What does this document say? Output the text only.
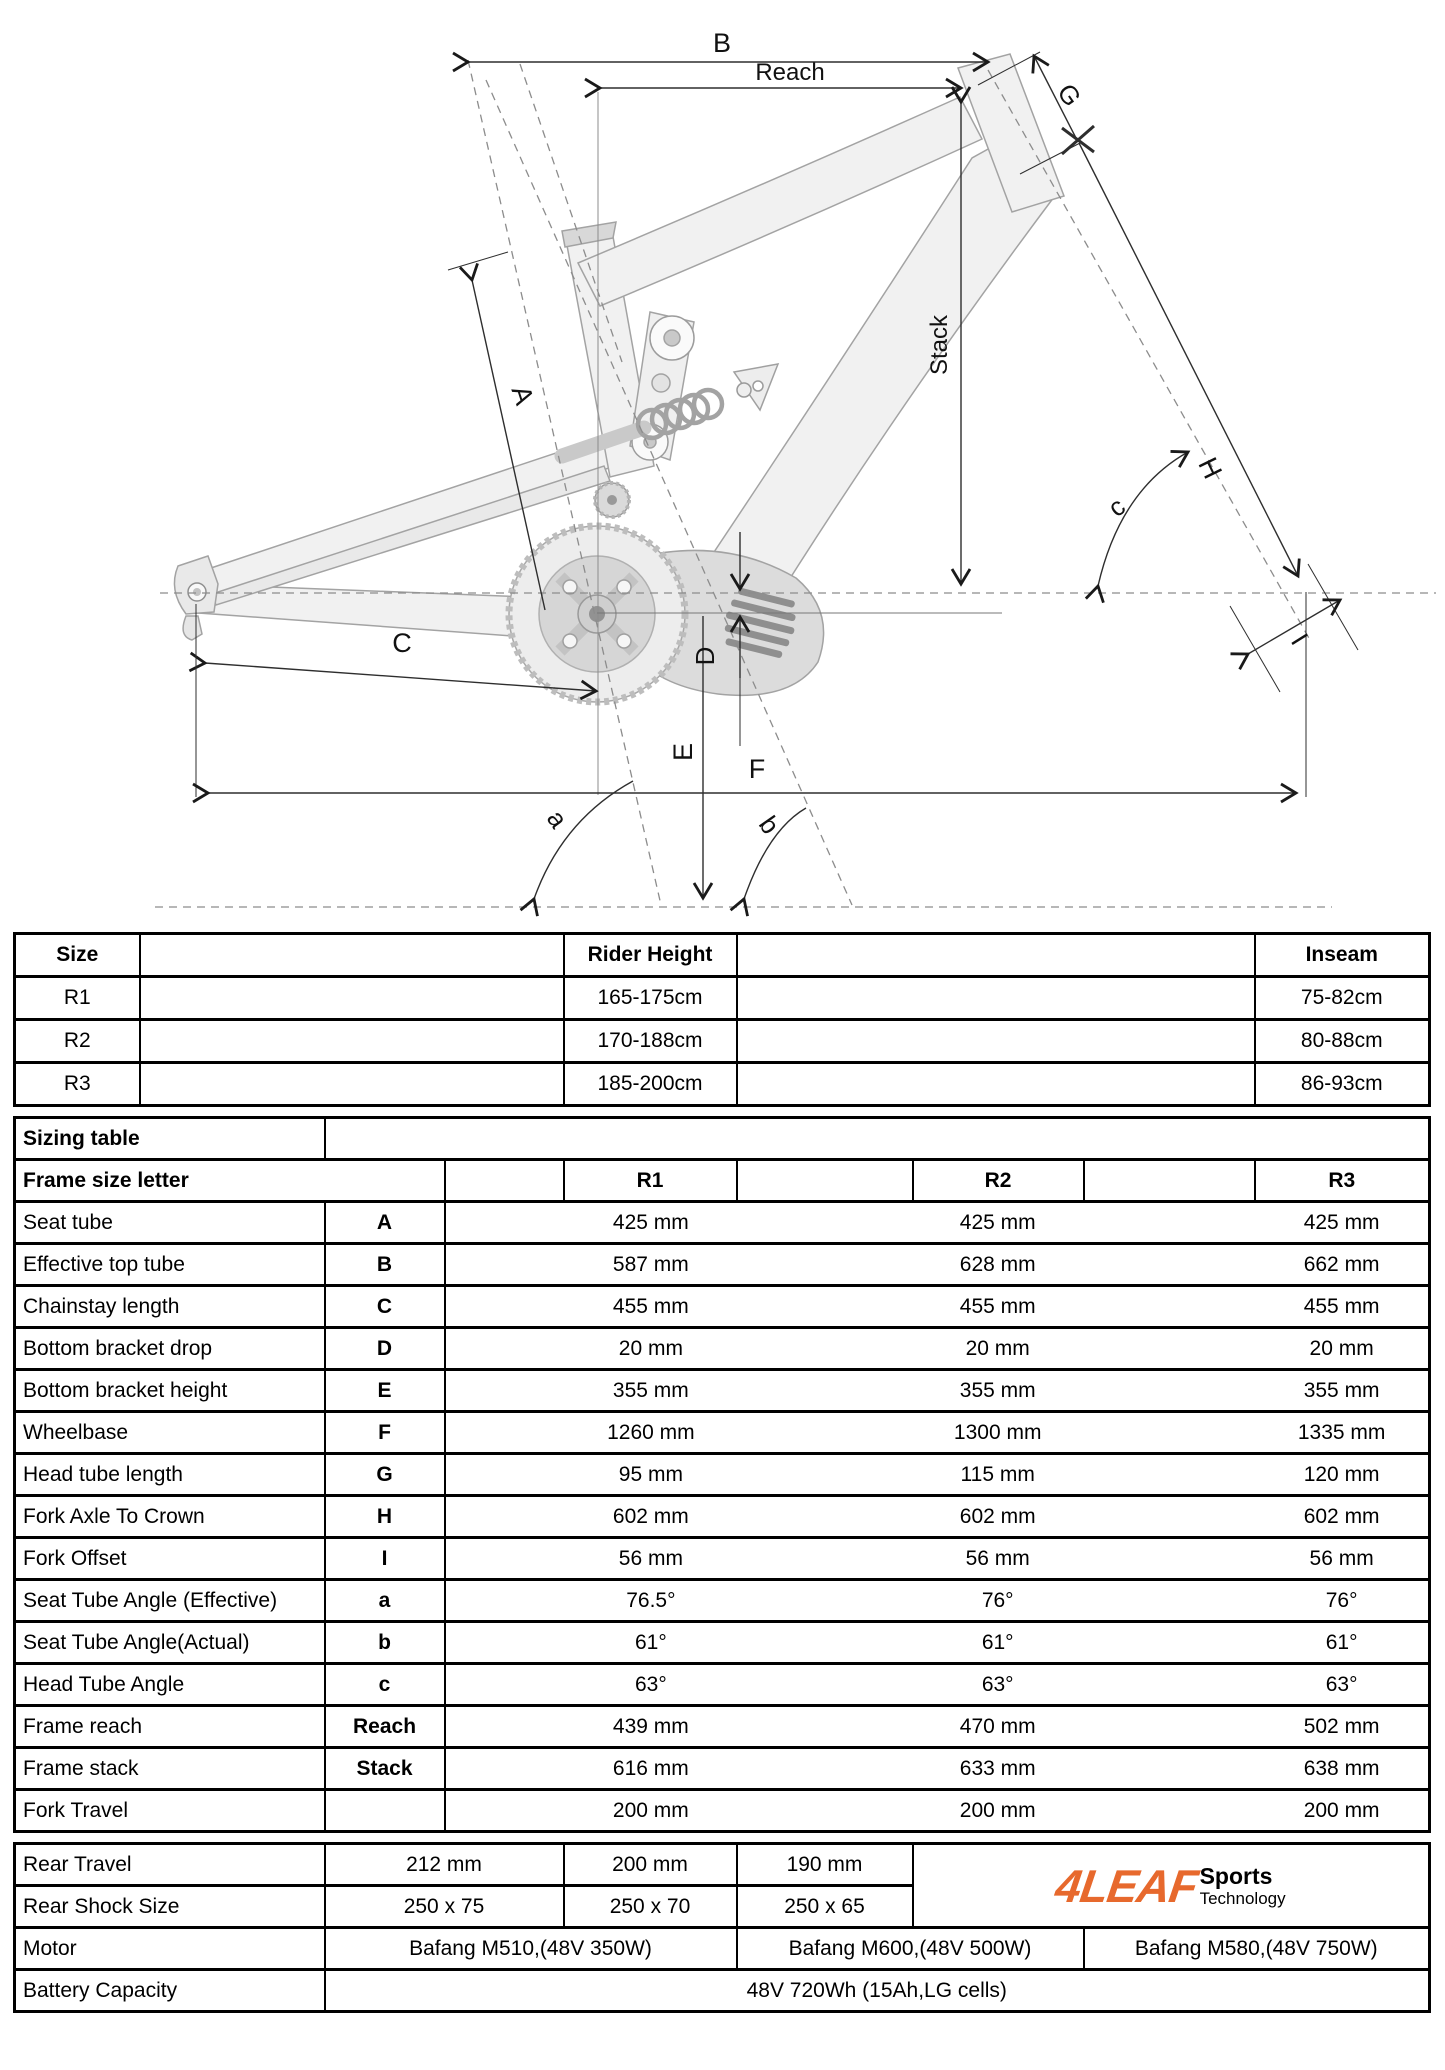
B
Reach
G
A
Stack
H
c
C	D
I
E
F
a	b
Size		Rider Height		Inseam
R1		165-175cm		75-82cm
R2		170-188cm		80-88cm
R3		185-200cm		86-93cm
Sizing table							
Frame size letter			R1		R2		R3
Seat tube	A	425 mm 425 mm 425 mm					

Effective top tube	B	587 mm 628 mm 662 mm					

Chainstay length	C	455 mm 455 mm 455 mm					

Bottom bracket drop	D	20 mm 20 mm 20 mm					

Bottom bracket height	E	355 mm 355 mm 355 mm					

Wheelbase	F	1260 mm 1300 mm 1335 mm					

Head tube length	G	95 mm 115 mm 120 mm					

Fork Axle To Crown	H	602 mm 602 mm 602 mm					

Fork Offset	I	56 mm 56 mm 56 mm					

Seat Tube Angle (Effective)	a	76.5° 76° 76°					

Seat Tube Angle(Actual)	b	61° 61° 61°					

Head Tube Angle	c	63° 63° 63°					

Frame reach	Reach	439 mm 470 mm 502 mm					

Frame stack	Stack	616 mm 633 mm 638 mm					

Fork Travel		200 mm 200 mm 200 mm					
Rear Travel	212 mm	200 mm	190 mm	4LEAF Sports
Technology	

Rear Shock Size	250 x 75	250 x 70	250 x 65		
Motor	Bafang M510,(48V 350W)		Bafang M600,(48V 500W)		Bafang M580,(48V 750W)
Battery Capacity	48V 720Wh (15Ah,LG cells)				
